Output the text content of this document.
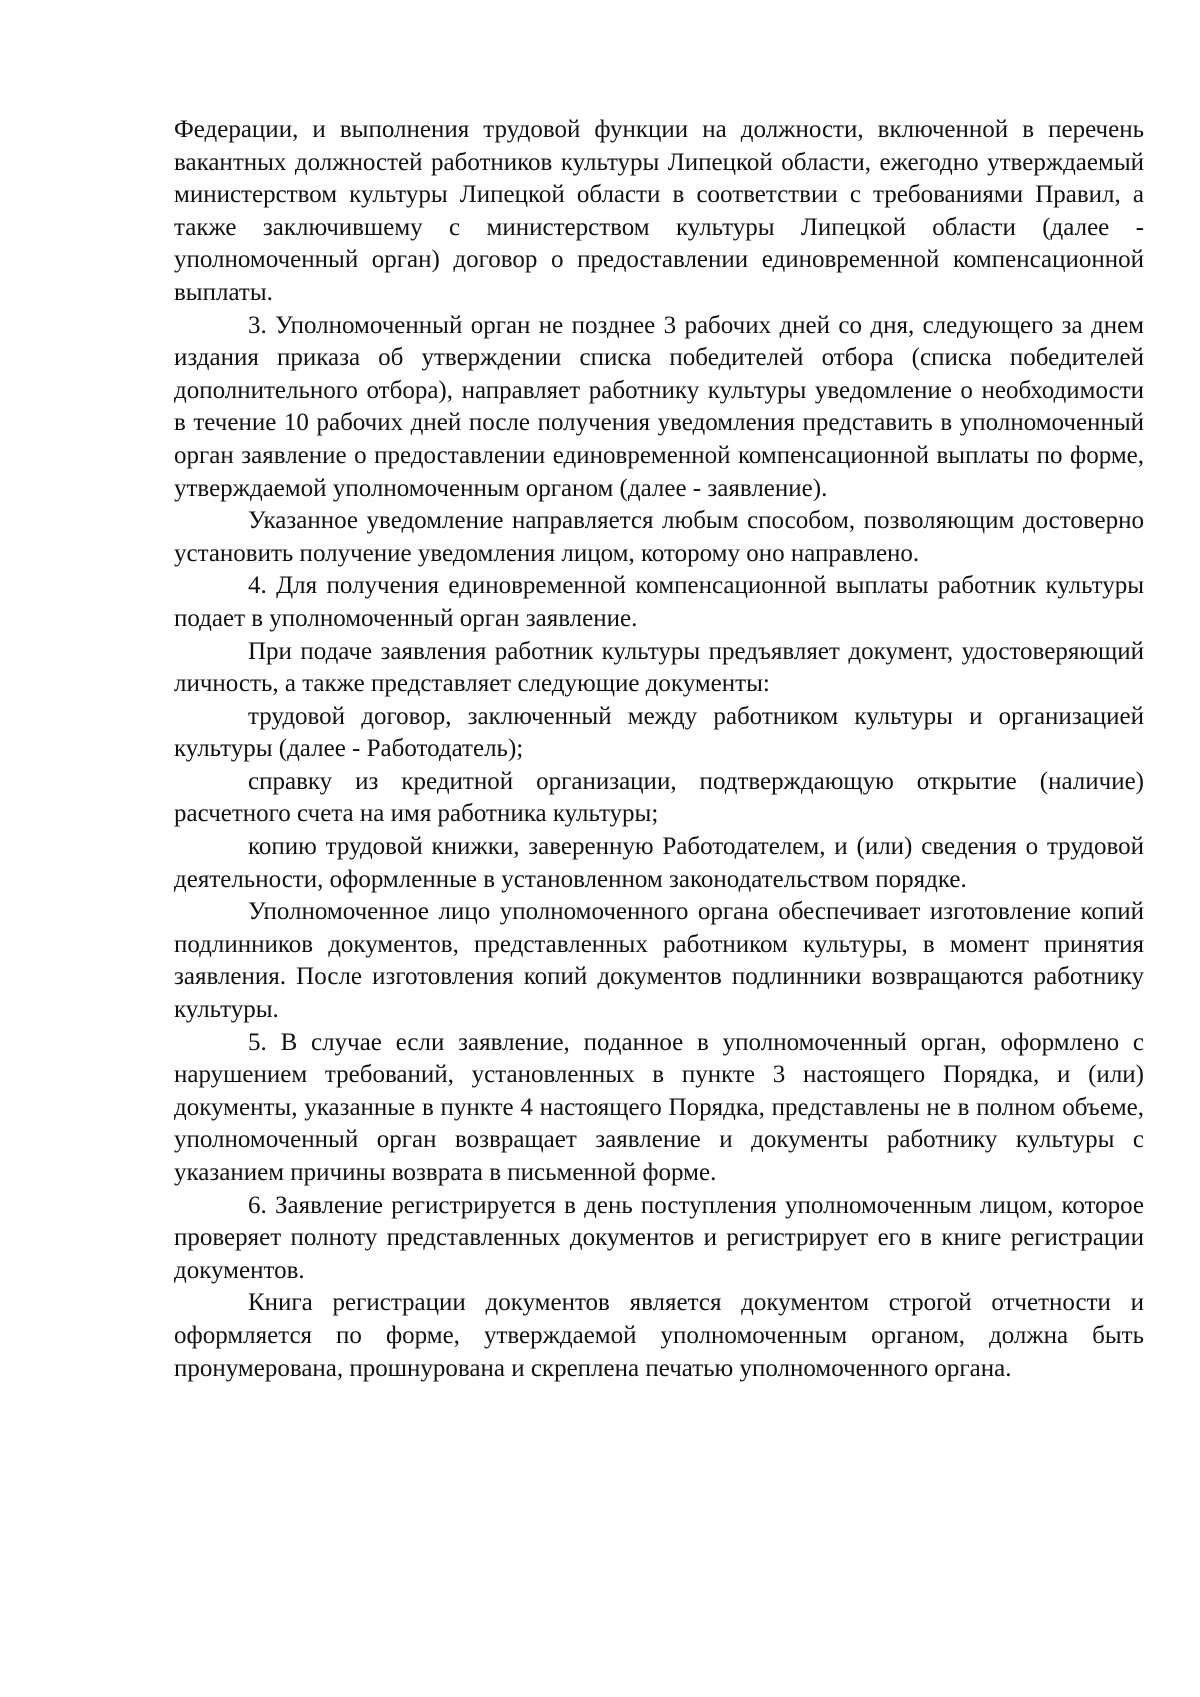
Федерации, и выполнения трудовой функции на должности, включенной в перечень вакантных должностей работников культуры Липецкой области, ежегодно утверждаемый министерством культуры Липецкой области в соответствии с требованиями Правил, а также заключившему с министерством культуры Липецкой области (далее - уполномоченный орган) договор о предоставлении единовременной компенсационной выплаты.

3. Уполномоченный орган не позднее 3 рабочих дней со дня, следующего за днем издания приказа об утверждении списка победителей отбора (списка победителей дополнительного отбора), направляет работнику культуры уведомление о необходимости в течение 10 рабочих дней после получения уведомления представить в уполномоченный орган заявление о предоставлении единовременной компенсационной выплаты по форме, утверждаемой уполномоченным органом (далее - заявление).

Указанное уведомление направляется любым способом, позволяющим достоверно установить получение уведомления лицом, которому оно направлено.

4. Для получения единовременной компенсационной выплаты работник культуры подает в уполномоченный орган заявление.

При подаче заявления работник культуры предъявляет документ, удостоверяющий личность, а также представляет следующие документы:

трудовой договор, заключенный между работником культуры и организацией культуры (далее - Работодатель);

справку из кредитной организации, подтверждающую открытие (наличие) расчетного счета на имя работника культуры;

копию трудовой книжки, заверенную Работодателем, и (или) сведения о трудовой деятельности, оформленные в установленном законодательством порядке.

Уполномоченное лицо уполномоченного органа обеспечивает изготовление копий подлинников документов, представленных работником культуры, в момент принятия заявления. После изготовления копий документов подлинники возвращаются работнику культуры.

5. В случае если заявление, поданное в уполномоченный орган, оформлено с нарушением требований, установленных в пункте 3 настоящего Порядка, и (или) документы, указанные в пункте 4 настоящего Порядка, представлены не в полном объеме, уполномоченный орган возвращает заявление и документы работнику культуры с указанием причины возврата в письменной форме.

6. Заявление регистрируется в день поступления уполномоченным лицом, которое проверяет полноту представленных документов и регистрирует его в книге регистрации документов.

Книга регистрации документов является документом строгой отчетности и оформляется по форме, утверждаемой уполномоченным органом, должна быть пронумерована, прошнурована и скреплена печатью уполномоченного органа.
